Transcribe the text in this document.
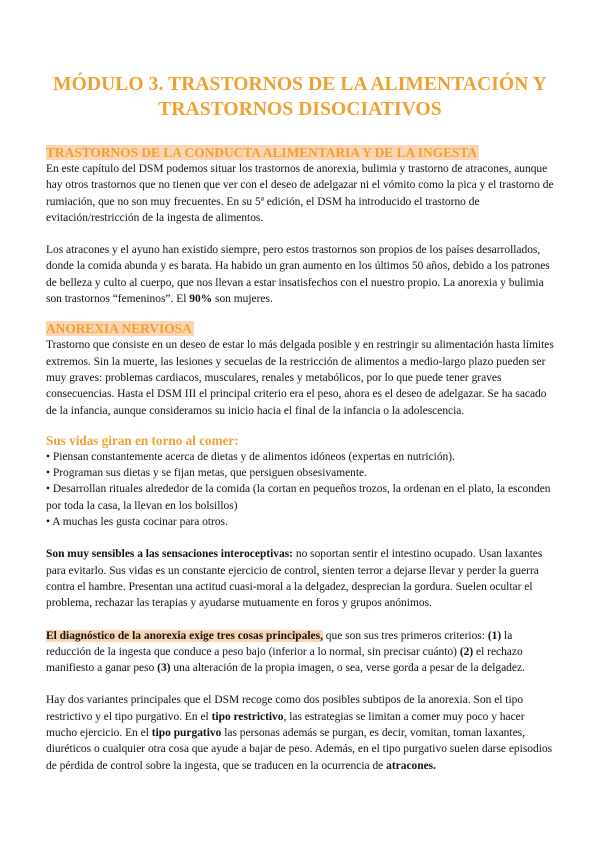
MÓDULO 3. TRASTORNOS DE LA ALIMENTACIÓN Y TRASTORNOS DISOCIATIVOS
TRASTORNOS DE LA CONDUCTA ALIMENTARIA Y DE LA INGESTA

En este capítulo del DSM podemos situar los trastornos de anorexia, bulimia y trastorno de atracones, aunque hay otros trastornos que no tienen que ver con el deseo de adelgazar ni el vómito como la pica y el trastorno de rumiación, que no son muy frecuentes. En su 5ª edición, el DSM ha introducido el trastorno de evitación/restricción de la ingesta de alimentos.

Los atracones y el ayuno han existido siempre, pero estos trastornos son propios de los países desarrollados, donde la comida abunda y es barata. Ha habido un gran aumento en los últimos 50 años, debido a los patrones de belleza y culto al cuerpo, que nos llevan a estar insatisfechos con el nuestro propio. La anorexia y bulimia son trastornos “femeninos”. El 90% son mujeres.

ANOREXIA NERVIOSA

Trastorno que consiste en un deseo de estar lo más delgada posible y en restringir su alimentación hasta límites extremos. Sin la muerte, las lesiones y secuelas de la restricción de alimentos a medio-largo plazo pueden ser muy graves: problemas cardiacos, musculares, renales y metabólicos, por lo que puede tener graves consecuencias. Hasta el DSM III el principal criterio era el peso, ahora es el deseo de adelgazar. Se ha sacado de la infancia, aunque consideramos su inicio hacia el final de la infancia o la adolescencia.

Sus vidas giran en torno al comer:
• Piensan constantemente acerca de dietas y de alimentos idóneos (expertas en nutrición).
• Programan sus dietas y se fijan metas, que persiguen obsesivamente.
• Desarrollan rituales alrededor de la comida (la cortan en pequeños trozos, la ordenan en el plato, la esconden por toda la casa, la llevan en los bolsillos)
• A muchas les gusta cocinar para otros.

Son muy sensibles a las sensaciones interoceptivas: no soportan sentir el intestino ocupado. Usan laxantes para evitarlo. Sus vidas es un constante ejercicio de control, sienten terror a dejarse llevar y perder la guerra contra el hambre. Presentan una actitud cuasi-moral a la delgadez, desprecian la gordura. Suelen ocultar el problema, rechazar las terapias y ayudarse mutuamente en foros y grupos anónimos.

El diagnóstico de la anorexia exige tres cosas principales, que son sus tres primeros criterios: (1) la reducción de la ingesta que conduce a peso bajo (inferior a lo normal, sin precisar cuánto) (2) el rechazo manifiesto a ganar peso (3) una alteración de la propia imagen, o sea, verse gorda a pesar de la delgadez.

Hay dos variantes principales que el DSM recoge como dos posibles subtipos de la anorexia. Son el tipo restrictivo y el tipo purgativo. En el tipo restrictivo, las estrategias se limitan a comer muy poco y hacer mucho ejercicio. En el tipo purgativo las personas además se purgan, es decir, vomitan, toman laxantes, diuréticos o cualquier otra cosa que ayude a bajar de peso. Además, en el tipo purgativo suelen darse episodios de pérdida de control sobre la ingesta, que se traducen en la ocurrencia de atracones.
